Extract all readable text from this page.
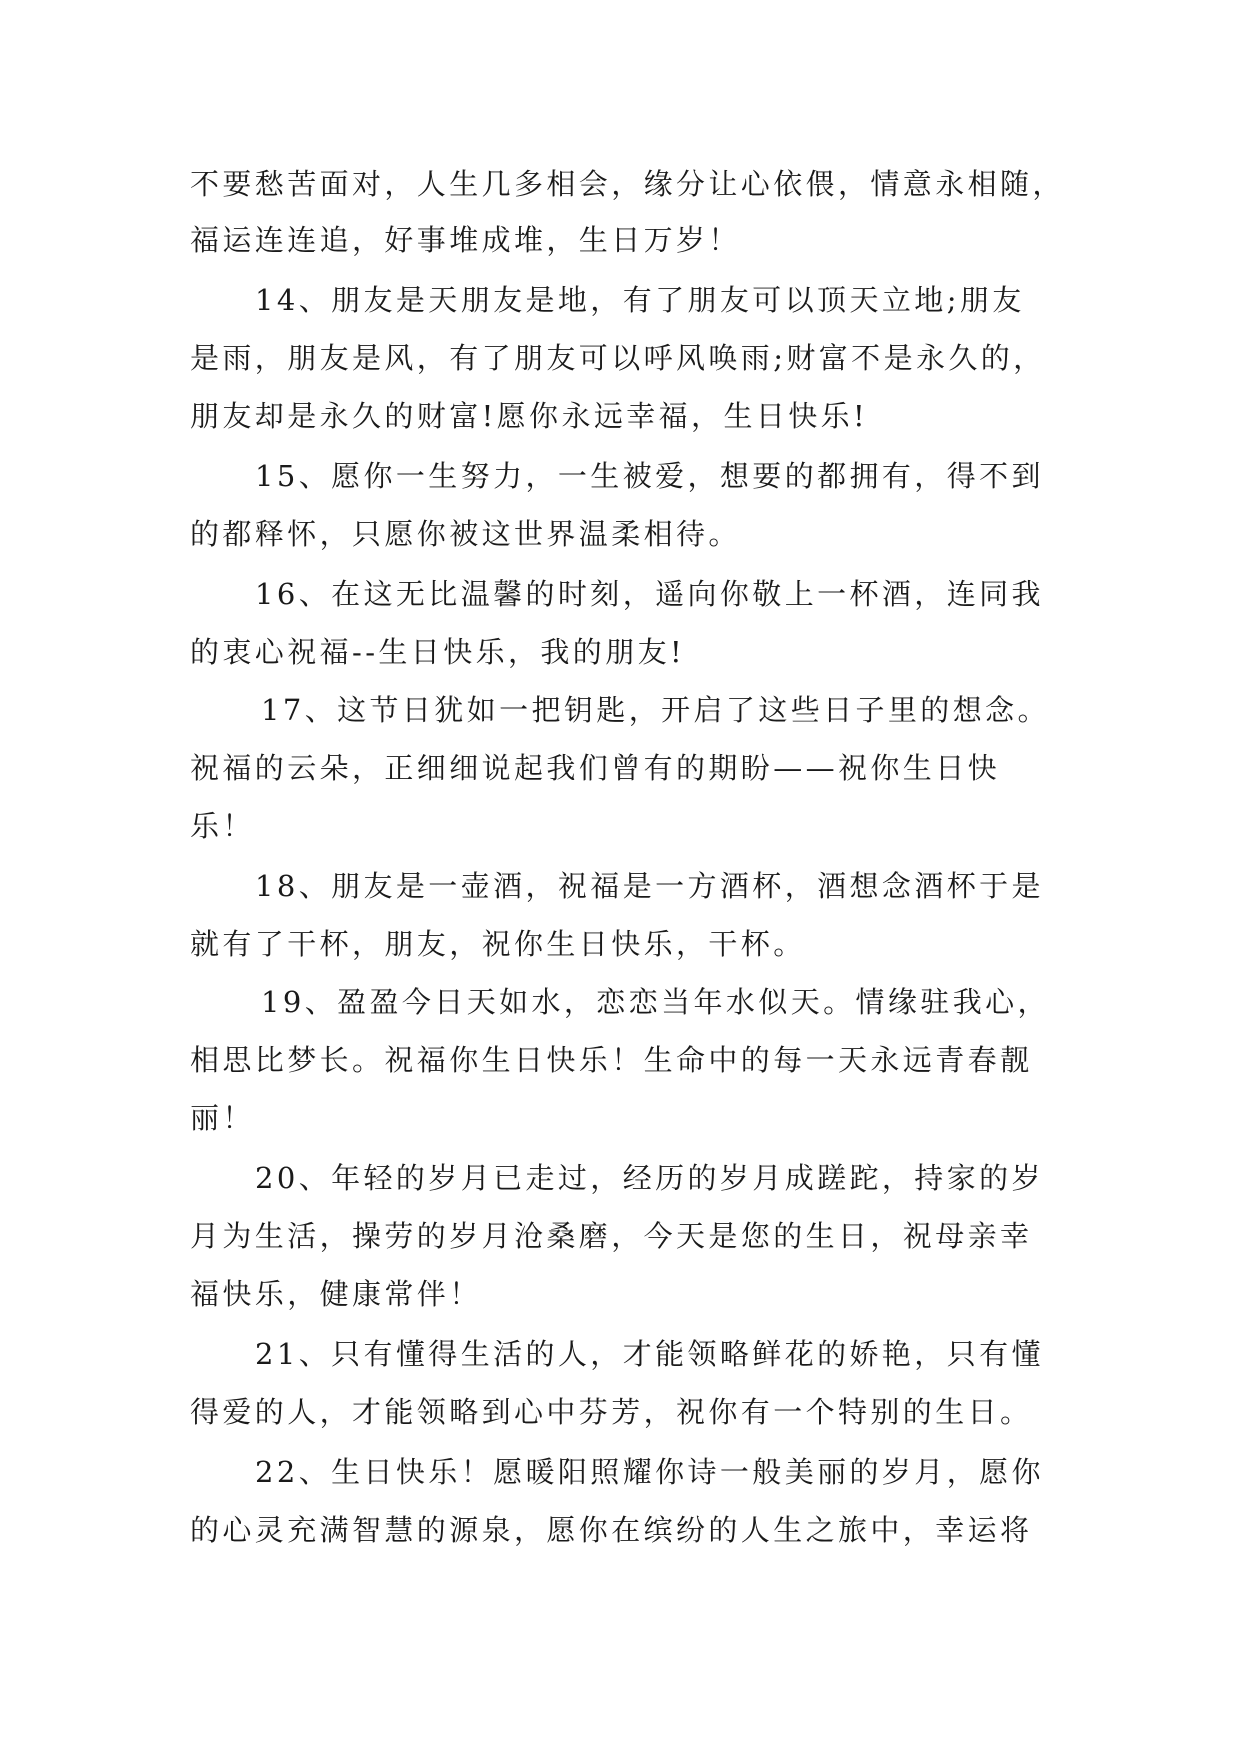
不要愁苦面对，人生几多相会，缘分让心依偎，情意永相随，
福运连连追，好事堆成堆，生日万岁！
14、朋友是天朋友是地，有了朋友可以顶天立地;朋友
是雨，朋友是风，有了朋友可以呼风唤雨;财富不是永久的，
朋友却是永久的财富!愿你永远幸福，生日快乐!
15、愿你一生努力，一生被爱，想要的都拥有，得不到
的都释怀，只愿你被这世界温柔相待。
16、在这无比温馨的时刻，遥向你敬上一杯酒，连同我
的衷心祝福--生日快乐，我的朋友!
17、这节日犹如一把钥匙，开启了这些日子里的想念。
祝福的云朵，正细细说起我们曾有的期盼——祝你生日快
乐！
18、朋友是一壶酒，祝福是一方酒杯，酒想念酒杯于是
就有了干杯，朋友，祝你生日快乐，干杯。
19、盈盈今日天如水，恋恋当年水似天。情缘驻我心，
相思比梦长。祝福你生日快乐！生命中的每一天永远青春靓
丽！
20、年轻的岁月已走过，经历的岁月成蹉跎，持家的岁
月为生活，操劳的岁月沧桑磨，今天是您的生日，祝母亲幸
福快乐，健康常伴！
21、只有懂得生活的人，才能领略鲜花的娇艳，只有懂
得爱的人，才能领略到心中芬芳，祝你有一个特别的生日。
22、生日快乐！愿暖阳照耀你诗一般美丽的岁月，愿你
的心灵充满智慧的源泉，愿你在缤纷的人生之旅中，幸运将
